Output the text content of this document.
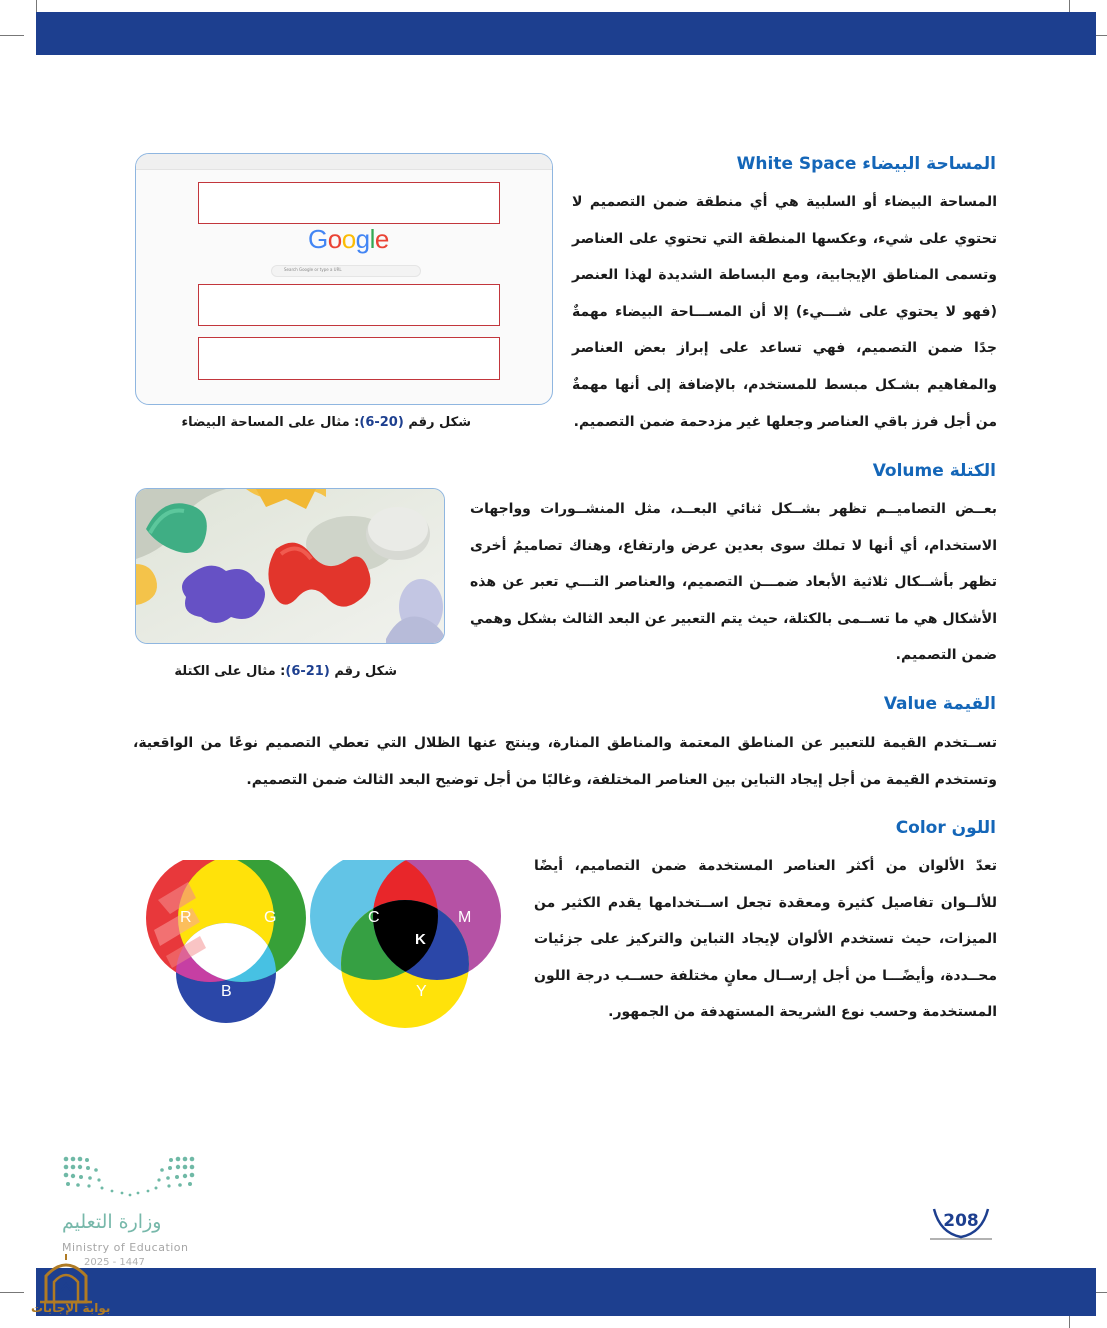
المساحة البيضاء White Space

المساحة البيضاء أو السلبية هي أي منطقة ضمن التصميم لا تحتوي على شيء، وعكسها المنطقة التي تحتوي على العناصر وتسمى المناطق الإيجابية، ومع البساطة الشديدة لهذا العنصر (فهو لا يحتوي على شـــيء) إلا أن المســـاحة البيضاء مهمةٌ جدًا ضمن التصميم، فهي تساعد على إبراز بعض العناصر والمفاهيم بشـكل مبسط للمستخدم، بالإضافة إلى أنها مهمةٌ من أجل فرز باقي العناصر وجعلها غير مزدحمة ضمن التصميم.

Google
Search Google or type a URL
شكل رقم (6-20): مثال على المساحة البيضاء
الكتلة Volume

بعــض التصاميــم تظهر بشــكل ثنائي البعــد، مثل المنشــورات وواجهات الاستخدام، أي أنها لا تملك سوى بعدين عرض وارتفاع، وهناك تصاميمُ أخرى تظهر بأشــكال ثلاثية الأبعاد ضمـــن التصميم، والعناصر التـــي تعبر عن هذه الأشكال هي ما تســمى بالكتلة، حيث يتم التعبير عن البعد الثالث بشكل وهمي ضمن التصميم.

شكل رقم (6-21): مثال على الكتلة
القيمة Value

تســتخدم القيمة للتعبير عن المناطق المعتمة والمناطق المنارة، وينتج عنها الظلال التي تعطي التصميم نوعًا من الواقعية، وتستخدم القيمة من أجل إيجاد التباين بين العناصر المختلفة، وغالبًا من أجل توضيح البعد الثالث ضمن التصميم.

اللون Color

تعدّ الألوان من أكثر العناصر المستخدمة ضمن التصاميم، أيضًا للألــوان تفاصيل كثيرة ومعقدة تجعل اســتخدامها يقدم الكثير من الميزات، حيث تستخدم الألوان لإيجاد التباين والتركيز على جزئيات محــددة، وأيضًـــا من أجل إرســال معانٍ مختلفة حســب درجة اللون المستخدمة وحسب نوع الشريحة المستهدفة من الجمهور.

R	G
B
C	M
Y
K
208
وزارة التعليم
Ministry of Education
2025 - 1447
بوابة الإجابات
